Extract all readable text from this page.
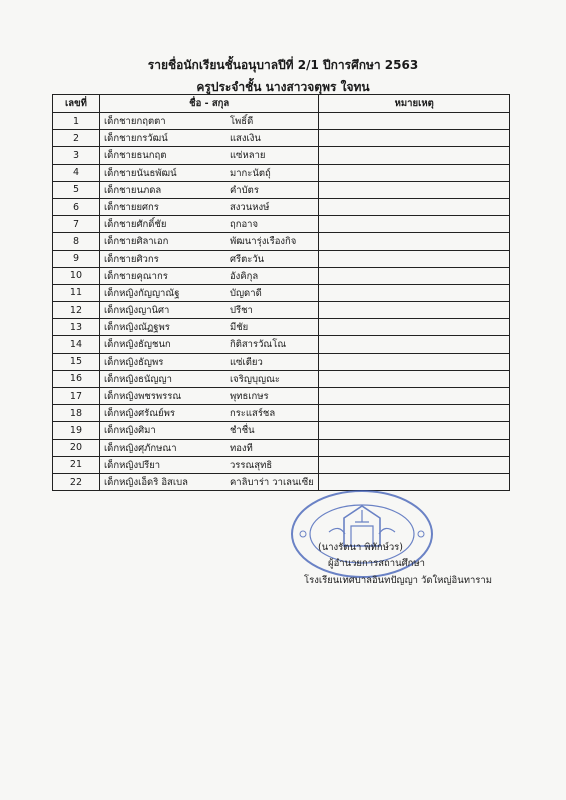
รายชื่อนักเรียนชั้นอนุบาลปีที่ 2/1 ปีการศึกษา 2563
ครูประจำชั้น นางสาวจตุพร ใจทน
เลขที่	ชื่อ - สกุล	หมายเหตุ
1	เด็กชายกฤตตา โพธิ์ดี	

2	เด็กชายกรวัฒน์ แสงเงิน	

3	เด็กชายธนกฤต แซ่หลาย	

4	เด็กชายนันธพัฒน์ มากะนัตถุ์	

5	เด็กชายนภดล คำบัตร	

6	เด็กชายยศกร สงวนหงษ์	

7	เด็กชายศักดิ์ชัย ฤกอาจ	

8	เด็กชายศิลาเอก พัฒนารุ่งเรืองกิจ	

9	เด็กชายศิวกร ศรีตะวัน	

10	เด็กชายคุณากร อังคิกุล	

11	เด็กหญิงกัญญาณัฐ บัญดาดี	

12	เด็กหญิงญานิศา ปรีชา	

13	เด็กหญิงณัฏฐพร มีชัย	

14	เด็กหญิงธัญชนก กิติสารวัณโณ	

15	เด็กหญิงธัญพร แซ่เตียว	

16	เด็กหญิงธนัญญา เจริญบุญณะ	

17	เด็กหญิงพชรพรรณ พุทธเกษร	

18	เด็กหญิงศรัณย์พร กระแสร์ชล	

19	เด็กหญิงศิมา ชำชื่น	

20	เด็กหญิงศุภักษณา ทองที	

21	เด็กหญิงปรียา วรรณสุทธิ	

22	เด็กหญิงเอ็ดริ อิสเบล คาลิบาร่า วาเลนเซีย	

(นางรัตนา พิทักษ์วร)
ผู้อำนวยการสถานศึกษา
โรงเรียนเทศบาลอินทปัญญา วัดใหญ่อินทาราม
